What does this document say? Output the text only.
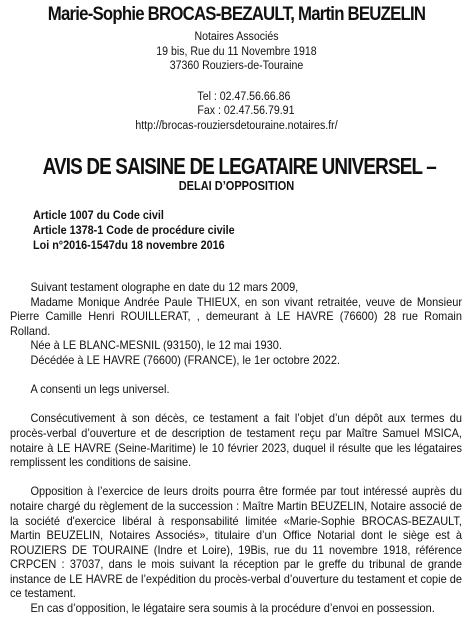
Marie-Sophie BROCAS-BEZAULT, Martin BEUZELIN
Notaires Associés
19 bis, Rue du 11 Novembre 1918
37360 Rouziers-de-Touraine
Tel : 02.47.56.66.86
Fax : 02.47.56.79.91
http://brocas-rouziersdetouraine.notaires.fr/
AVIS DE SAISINE DE LEGATAIRE UNIVERSEL –
DELAI D’OPPOSITION
Article 1007 du Code civil
Article 1378-1 Code de procédure civile
Loi n°2016-1547du 18 novembre 2016

Suivant testament olographe en date du 12 mars 2009,

Madame Monique Andrée Paule THIEUX, en son vivant retraitée, veuve de Monsieur Pierre Camille Henri ROUILLERAT, , demeurant à LE HAVRE (76600) 28 rue Romain Rolland.

Née à LE BLANC-MESNIL (93150), le 12 mai 1930.

Décédée à LE HAVRE (76600) (FRANCE), le 1er octobre 2022.

A consenti un legs universel.

Consécutivement à son décès, ce testament a fait l’objet d’un dépôt aux termes du procès-verbal d’ouverture et de description de testament reçu par Maître Samuel MSICA, notaire à LE HAVRE (Seine-Maritime) le 10 février 2023, duquel il résulte que les légataires remplissent les conditions de saisine.

Opposition à l’exercice de leurs droits pourra être formée par tout intéressé auprès du notaire chargé du règlement de la succession : Maître Martin BEUZELIN, Notaire associé de la société d'exercice libéral à responsabilité limitée «Marie-Sophie BROCAS-BEZAULT, Martin BEUZELIN, Notaires Associés», titulaire d’un Office Notarial dont le siège est à ROUZIERS DE TOURAINE (Indre et Loire), 19Bis, rue du 11 novembre 1918, référence CRPCEN : 37037, dans le mois suivant la réception par le greffe du tribunal de grande instance de LE HAVRE de l’expédition du procès-verbal d’ouverture du testament et copie de ce testament.

En cas d’opposition, le légataire sera soumis à la procédure d’envoi en possession.
